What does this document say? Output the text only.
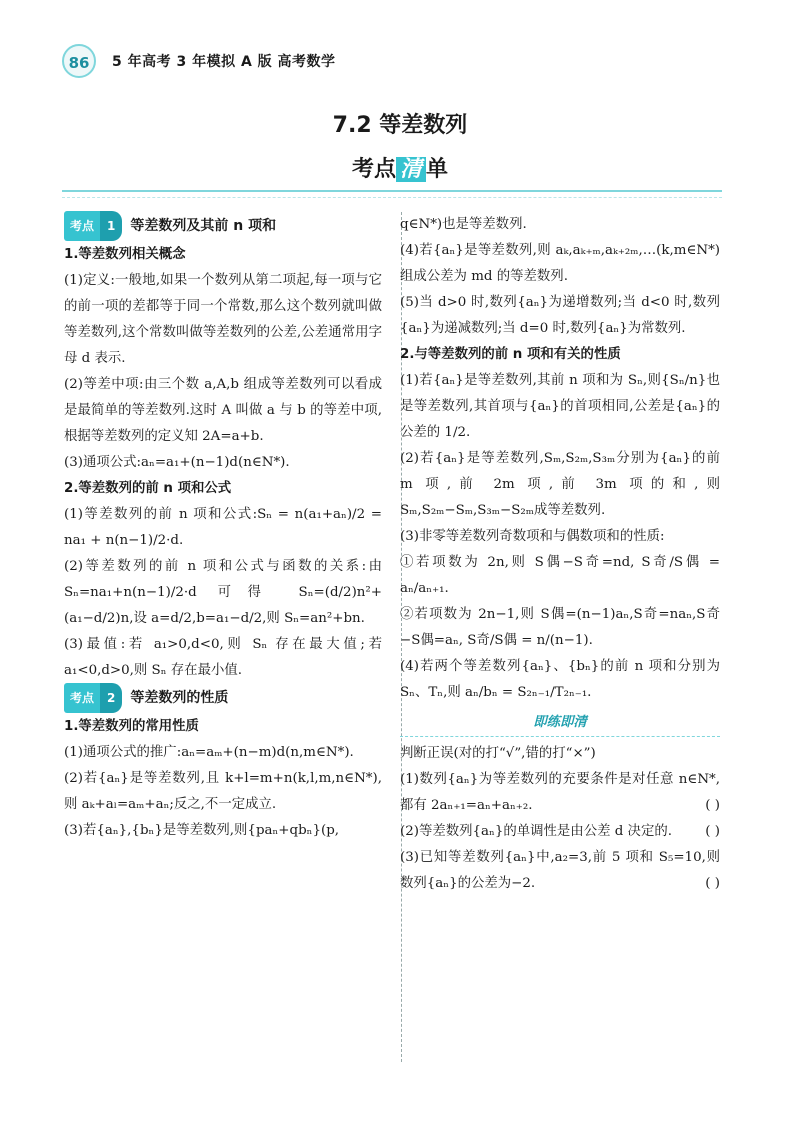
86	5 年高考 3 年模拟 A 版 高考数学
7.2 等差数列
考点 清 单
考点	1	等差数列及其前 n 项和

1.等差数列相关概念

(1)定义:一般地,如果一个数列从第二项起,每一项与它的前一项的差都等于同一个常数,那么这个数列就叫做等差数列,这个常数叫做等差数列的公差,公差通常用字母 d 表示.

(2)等差中项:由三个数 a,A,b 组成等差数列可以看成是最简单的等差数列.这时 A 叫做 a 与 b 的等差中项,根据等差数列的定义知 2A=a+b.

(3)通项公式:aₙ=a₁+(n−1)d(n∈N*).

2.等差数列的前 n 项和公式

(1)等差数列的前 n 项和公式:Sₙ = n(a₁+aₙ)/2 = na₁ + n(n−1)/2·d.

(2)等差数列的前 n 项和公式与函数的关系:由 Sₙ=na₁+n(n−1)/2·d 可得 Sₙ=(d/2)n²+(a₁−d/2)n,设 a=d/2,b=a₁−d/2,则 Sₙ=an²+bn.

(3)最值:若 a₁>0,d<0,则 Sₙ 存在最大值;若 a₁<0,d>0,则 Sₙ 存在最小值.

考点	2	等差数列的性质

1.等差数列的常用性质

(1)通项公式的推广:aₙ=aₘ+(n−m)d(n,m∈N*).

(2)若{aₙ}是等差数列,且 k+l=m+n(k,l,m,n∈N*),则 aₖ+aₗ=aₘ+aₙ;反之,不一定成立.

(3)若{aₙ},{bₙ}是等差数列,则{paₙ+qbₙ}(p,

q∈N*)也是等差数列.

(4)若{aₙ}是等差数列,则 aₖ,aₖ₊ₘ,aₖ₊₂ₘ,…(k,m∈N*)组成公差为 md 的等差数列.

(5)当 d>0 时,数列{aₙ}为递增数列;当 d<0 时,数列{aₙ}为递减数列;当 d=0 时,数列{aₙ}为常数列.

2.与等差数列的前 n 项和有关的性质

(1)若{aₙ}是等差数列,其前 n 项和为 Sₙ,则{Sₙ/n}也是等差数列,其首项与{aₙ}的首项相同,公差是{aₙ}的公差的 1/2.

(2)若{aₙ}是等差数列,Sₘ,S₂ₘ,S₃ₘ分别为{aₙ}的前 m 项,前 2m 项,前 3m 项的和,则 Sₘ,S₂ₘ−Sₘ,S₃ₘ−S₂ₘ成等差数列.

(3)非零等差数列奇数项和与偶数项和的性质:

①若项数为 2n,则 S偶−S奇=nd, S奇/S偶 = aₙ/aₙ₊₁.

②若项数为 2n−1,则 S偶=(n−1)aₙ,S奇=naₙ,S奇−S偶=aₙ, S奇/S偶 = n/(n−1).

(4)若两个等差数列{aₙ}、{bₙ}的前 n 项和分别为 Sₙ、Tₙ,则 aₙ/bₙ = S₂ₙ₋₁/T₂ₙ₋₁.

即练即清

判断正误(对的打“√”,错的打“×”)

(1)数列{aₙ}为等差数列的充要条件是对任意 n∈N*,都有 2aₙ₊₁=aₙ+aₙ₊₂.	( )

(2)等差数列{aₙ}的单调性是由公差 d 决定的. ( )

(3)已知等差数列{aₙ}中,a₂=3,前 5 项和 S₅=10,则数列{aₙ}的公差为−2.	( )
